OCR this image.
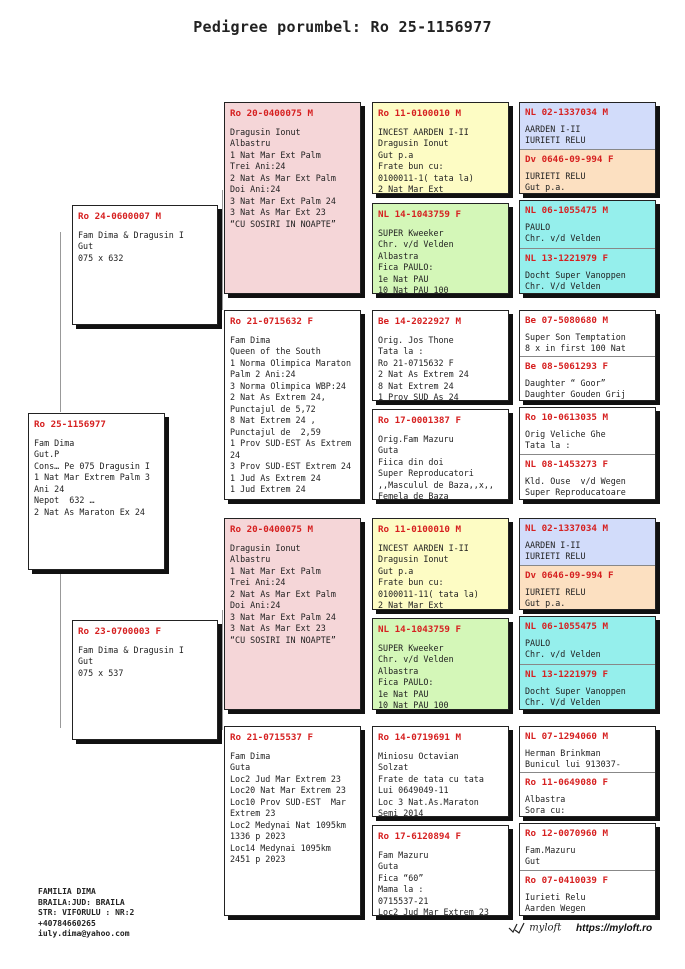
Pedigree porumbel: Ro 25-1156977
Ro 25-1156977
Fam Dima
Gut.P
Cons… Pe 075 Dragusin I
1 Nat Mar Extrem Palm 3
Ani 24
Nepot  632 …
2 Nat As Maraton Ex 24
Ro 24-0600007 M
Fam Dima & Dragusin I
Gut
075 x 632
Ro 23-0700003 F
Fam Dima & Dragusin I
Gut
075 x 537
Ro 20-0400075 M
Dragusin Ionut
Albastru
1 Nat Mar Ext Palm
Trei Ani:24
2 Nat As Mar Ext Palm
Doi Ani:24
3 Nat Mar Ext Palm 24
3 Nat As Mar Ext 23
“CU SOSIRI IN NOAPTE”
Ro 21-0715632 F
Fam Dima
Queen of the South
1 Norma Olimpica Maraton
Palm 2 Ani:24
3 Norma Olimpica WBP:24
2 Nat As Extrem 24,
Punctajul de 5,72
8 Nat Extrem 24 ,
Punctajul de  2,59
1 Prov SUD-EST As Extrem
24
3 Prov SUD-EST Extrem 24
1 Jud As Extrem 24
1 Jud Extrem 24
Ro 20-0400075 M
Dragusin Ionut
Albastru
1 Nat Mar Ext Palm
Trei Ani:24
2 Nat As Mar Ext Palm
Doi Ani:24
3 Nat Mar Ext Palm 24
3 Nat As Mar Ext 23
“CU SOSIRI IN NOAPTE”
Ro 21-0715537 F
Fam Dima
Guta
Loc2 Jud Mar Extrem 23
Loc20 Nat Mar Extrem 23
Loc10 Prov SUD-EST  Mar
Extrem 23
Loc2 Medynai Nat 1095km
1336 p 2023
Loc14 Medynai 1095km
2451 p 2023
Ro 11-0100010 M
INCEST AARDEN I-II
Dragusin Ionut
Gut p.a
Frate bun cu:
0100011-1( tata la)
2 Nat Mar Ext
NL 14-1043759 F
SUPER Kweeker
Chr. v/d Velden
Albastra
Fica PAULO:
1e Nat PAU
10 Nat PAU 100
Be 14-2022927 M
Orig. Jos Thone
Tata la :
Ro 21-0715632 F
2 Nat As Extrem 24
8 Nat Extrem 24
1 Prov SUD As 24
Ro 17-0001387 F
Orig.Fam Mazuru
Guta
Fiica din doi
Super Reproducatori
,,Masculul de Baza,,x,,
Femela de Baza
Ro 11-0100010 M
INCEST AARDEN I-II
Dragusin Ionut
Gut p.a
Frate bun cu:
0100011-11( tata la)
2 Nat Mar Ext
NL 14-1043759 F
SUPER Kweeker
Chr. v/d Velden
Albastra
Fica PAULO:
1e Nat PAU
10 Nat PAU 100
Ro 14-0719691 M
Miniosu Octavian
Solzat
Frate de tata cu tata
Lui 0649049-11
Loc 3 Nat.As.Maraton
Semi 2014
Ro 17-6120894 F
Fam Mazuru
Guta
Fica “60”
Mama la :
0715537-21
Loc2 Jud Mar Extrem 23
NL 02-1337034 M
AARDEN I-II
IURIETI RELU
Dv 0646-09-994 F
IURIETI RELU
Gut p.a.
NL 06-1055475 M
PAULO
Chr. v/d Velden
NL 13-1221979 F
Docht Super Vanoppen
Chr. V/d Velden
Be 07-5080680 M
Super Son Temptation
8 x in first 100 Nat
Be 08-5061293 F
Daughter “ Goor”
Daughter Gouden Grij
Ro 10-0613035 M
Orig Veliche Ghe
Tata la :
NL 08-1453273 F
Kld. Ouse  v/d Wegen
Super Reproducatoare
NL 02-1337034 M
AARDEN I-II
IURIETI RELU
Dv 0646-09-994 F
IURIETI RELU
Gut p.a.
NL 06-1055475 M
PAULO
Chr. v/d Velden
NL 13-1221979 F
Docht Super Vanoppen
Chr. V/d Velden
NL 07-1294060 M
Herman Brinkman
Bunicul lui 913037-
Ro 11-0649080 F
Albastra
Sora cu:
Ro 12-0070960 M
Fam.Mazuru
Gut
Ro 07-0410039 F
Iurieti Relu
Aarden Wegen
FAMILIA DIMA
BRAILA:JUD: BRAILA
STR: VIFORULU : NR:2
+40784660265
iuly.dima@yahoo.com	myloft https://myloft.ro
